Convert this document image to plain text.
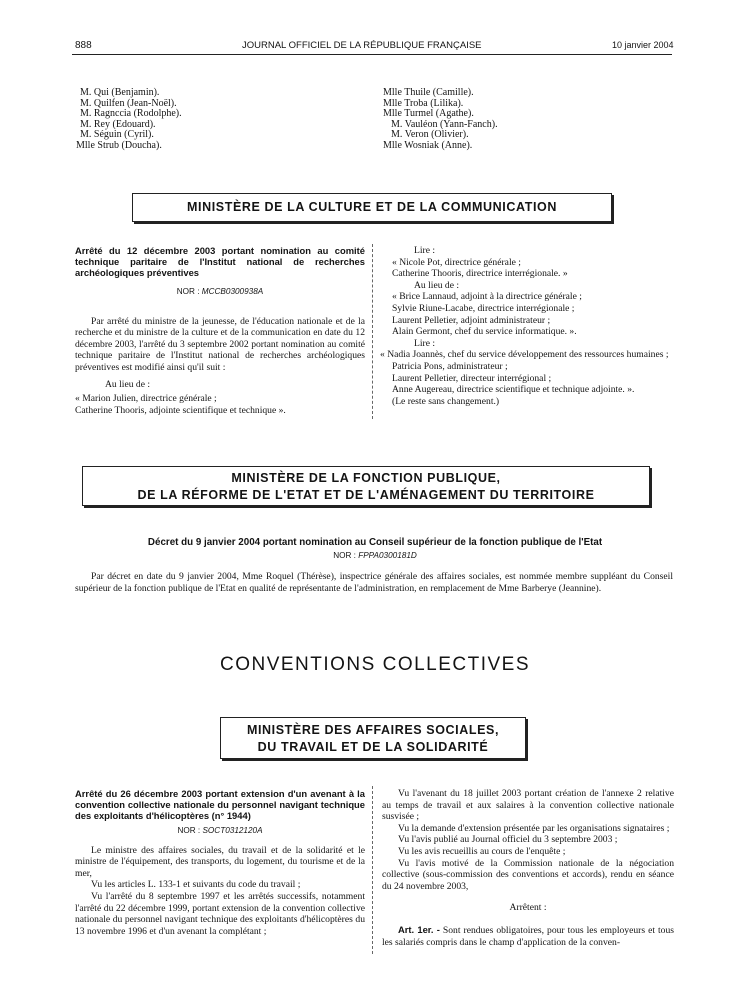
888	JOURNAL OFFICIEL DE LA RÉPUBLIQUE FRANÇAISE	10 janvier 2004
M. Qui (Benjamin).
M. Quilfen (Jean-Noël).
M. Ragnccia (Rodolphe).
M. Rey (Edouard).
M. Séguin (Cyril).
Mlle Strub (Doucha).
Mlle Thuile (Camille).
Mlle Troba (Lilika).
Mlle Turmel (Agathe).
M. Vauléon (Yann-Fanch).
M. Veron (Olivier).
Mlle Wosniak (Anne).
MINISTÈRE DE LA CULTURE ET DE LA COMMUNICATION

Arrêté du 12 décembre 2003 portant nomination au comité technique paritaire de l'Institut national de recherches archéologiques préventives

NOR : MCCB0300938A

Par arrêté du ministre de la jeunesse, de l'éducation nationale et de la recherche et du ministre de la culture et de la communication en date du 12 décembre 2003, l'arrêté du 3 septembre 2002 portant nomination au comité technique paritaire de l'Institut national de recherches archéologiques préventives est modifié ainsi qu'il suit :

Au lieu de :

« Marion Julien, directrice générale ;

Catherine Thooris, adjointe scientifique et technique ».

Lire :

« Nicole Pot, directrice générale ;

Catherine Thooris, directrice interrégionale. »

Au lieu de :

« Brice Lannaud, adjoint à la directrice générale ;

Sylvie Riune-Lacabe, directrice interrégionale ;

Laurent Pelletier, adjoint administrateur ;

Alain Germont, chef du service informatique. ».

Lire :

« Nadia Joannès, chef du service développement des ressources humaines ;

Patricia Pons, administrateur ;

Laurent Pelletier, directeur interrégional ;

Anne Augereau, directrice scientifique et technique adjointe. ».

(Le reste sans changement.)

MINISTÈRE DE LA FONCTION PUBLIQUE,
DE LA RÉFORME DE L'ETAT ET DE L'AMÉNAGEMENT DU TERRITOIRE
Décret du 9 janvier 2004 portant nomination au Conseil supérieur de la fonction publique de l'Etat
NOR : FPPA0300181D
Par décret en date du 9 janvier 2004, Mme Roquel (Thérèse), inspectrice générale des affaires sociales, est nommée membre suppléant du Conseil supérieur de la fonction publique de l'Etat en qualité de représentante de l'administration, en remplacement de Mme Barberye (Jeannine).
CONVENTIONS COLLECTIVES
MINISTÈRE DES AFFAIRES SOCIALES,
DU TRAVAIL ET DE LA SOLIDARITÉ

Arrêté du 26 décembre 2003 portant extension d'un avenant à la convention collective nationale du personnel navigant technique des exploitants d'hélicoptères (n° 1944)

NOR : SOCT0312120A

Le ministre des affaires sociales, du travail et de la solidarité et le ministre de l'équipement, des transports, du logement, du tourisme et de la mer,

Vu les articles L. 133-1 et suivants du code du travail ;

Vu l'arrêté du 8 septembre 1997 et les arrêtés successifs, notamment l'arrêté du 22 décembre 1999, portant extension de la convention collective nationale du personnel navigant technique des exploitants d'hélicoptères du 13 novembre 1996 et d'un avenant la complétant ;

Vu l'avenant du 18 juillet 2003 portant création de l'annexe 2 relative au temps de travail et aux salaires à la convention collective nationale susvisée ;

Vu la demande d'extension présentée par les organisations signataires ;

Vu l'avis publié au Journal officiel du 3 septembre 2003 ;

Vu les avis recueillis au cours de l'enquête ;

Vu l'avis motivé de la Commission nationale de la négociation collective (sous-commission des conventions et accords), rendu en séance du 24 novembre 2003,

Arrêtent :

Art. 1er. - Sont rendues obligatoires, pour tous les employeurs et tous les salariés compris dans le champ d'application de la conven-
